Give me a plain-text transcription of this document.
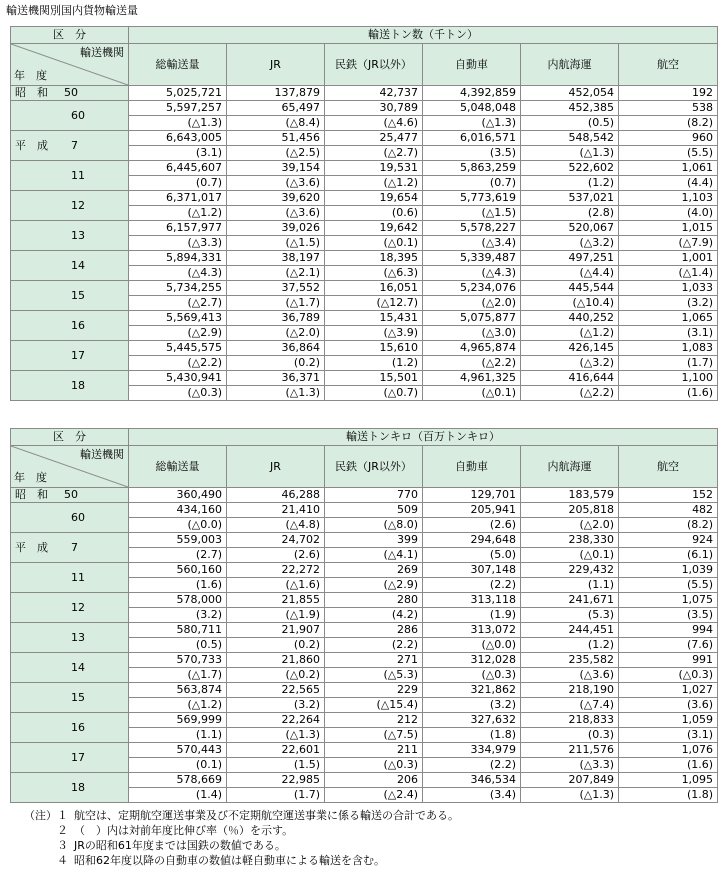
輸送機関別国内貨物輸送量
区　分	輸送トン数（千トン）					

輸送機関
年　度	総輸送量	JR	民鉄（JR以外）	自動車	内航海運	航空
昭　和 50	5,025,721	137,879	42,737	4,392,859	452,054	192
60	5,597,257	65,497	30,789	5,048,048	452,385	538
	(△1.3)	(△8.4)	(△4.6)	(△1.3)	(0.5)	(8.2)
平　成 7	6,643,005	51,456	25,477	6,016,571	548,542	960
	(3.1)	(△2.5)	(△2.7)	(3.5)	(△1.3)	(5.5)
11	6,445,607	39,154	19,531	5,863,259	522,602	1,061
	(0.7)	(△3.6)	(△1.2)	(0.7)	(1.2)	(4.4)
12	6,371,017	39,620	19,654	5,773,619	537,021	1,103
	(△1.2)	(△3.6)	(0.6)	(△1.5)	(2.8)	(4.0)
13	6,157,977	39,026	19,642	5,578,227	520,067	1,015
	(△3.3)	(△1.5)	(△0.1)	(△3.4)	(△3.2)	(△7.9)
14	5,894,331	38,197	18,395	5,339,487	497,251	1,001
	(△4.3)	(△2.1)	(△6.3)	(△4.3)	(△4.4)	(△1.4)
15	5,734,255	37,552	16,051	5,234,076	445,544	1,033
	(△2.7)	(△1.7)	(△12.7)	(△2.0)	(△10.4)	(3.2)
16	5,569,413	36,789	15,431	5,075,877	440,252	1,065
	(△2.9)	(△2.0)	(△3.9)	(△3.0)	(△1.2)	(3.1)
17	5,445,575	36,864	15,610	4,965,874	426,145	1,083
	(△2.2)	(0.2)	(1.2)	(△2.2)	(△3.2)	(1.7)
18	5,430,941	36,371	15,501	4,961,325	416,644	1,100
	(△0.3)	(△1.3)	(△0.7)	(△0.1)	(△2.2)	(1.6)
区　分	輸送トンキロ（百万トンキロ）					

輸送機関
年　度	総輸送量	JR	民鉄（JR以外）	自動車	内航海運	航空
昭　和 50	360,490	46,288	770	129,701	183,579	152
60	434,160	21,410	509	205,941	205,818	482
	(△0.0)	(△4.8)	(△8.0)	(2.6)	(△2.0)	(8.2)
平　成 7	559,003	24,702	399	294,648	238,330	924
	(2.7)	(2.6)	(△4.1)	(5.0)	(△0.1)	(6.1)
11	560,160	22,272	269	307,148	229,432	1,039
	(1.6)	(△1.6)	(△2.9)	(2.2)	(1.1)	(5.5)
12	578,000	21,855	280	313,118	241,671	1,075
	(3.2)	(△1.9)	(4.2)	(1.9)	(5.3)	(3.5)
13	580,711	21,907	286	313,072	244,451	994
	(0.5)	(0.2)	(2.2)	(△0.0)	(1.2)	(7.6)
14	570,733	21,860	271	312,028	235,582	991
	(△1.7)	(△0.2)	(△5.3)	(△0.3)	(△3.6)	(△0.3)
15	563,874	22,565	229	321,862	218,190	1,027
	(△1.2)	(3.2)	(△15.4)	(3.2)	(△7.4)	(3.6)
16	569,999	22,264	212	327,632	218,833	1,059
	(1.1)	(△1.3)	(△7.5)	(1.8)	(0.3)	(3.1)
17	570,443	22,601	211	334,979	211,576	1,076
	(0.1)	(1.5)	(△0.3)	(2.2)	(△3.3)	(1.6)
18	578,669	22,985	206	346,534	207,849	1,095
	(1.4)	(1.7)	(△2.4)	(3.4)	(△1.3)	(1.8)
（注）１ 航空は、定期航空運送事業及び不定期航空運送事業に係る輸送の合計である。
２ （　）内は対前年度比伸び率（％）を示す。
３ JRの昭和61年度までは国鉄の数値である。
４ 昭和62年度以降の自動車の数値は軽自動車による輸送を含む。
